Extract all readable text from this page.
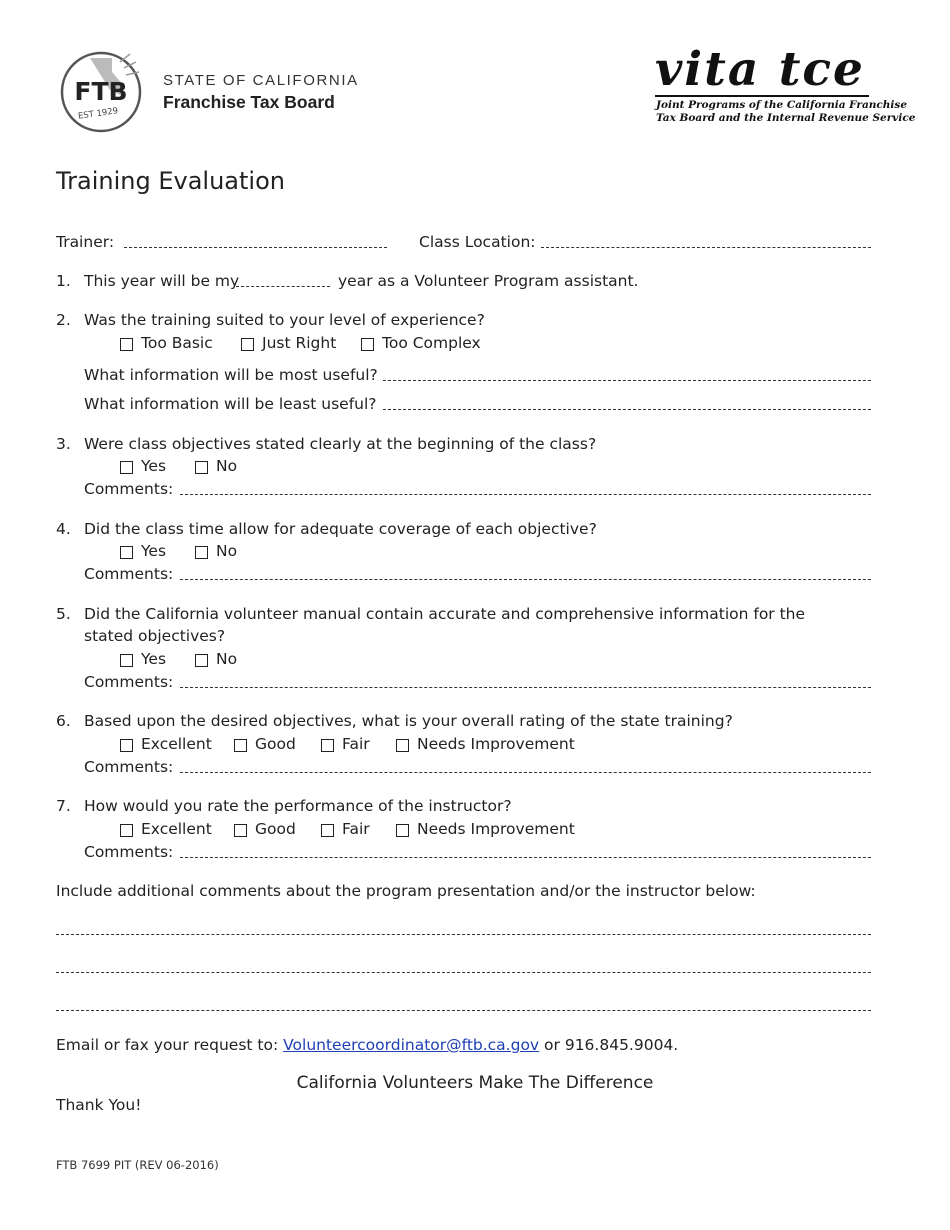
FTB
EST 1929
STATE OF CALIFORNIA
Franchise Tax Board
vita tce
Joint Programs of the California Franchise
Tax Board and the Internal Revenue Service
Training Evaluation
Trainer:	Class Location:
1. This year will be my	year as a Volunteer Program assistant.
2. Was the training suited to your level of experience?
Too Basic	Just Right	Too Complex
What information will be most useful?
What information will be least useful?
3. Were class objectives stated clearly at the beginning of the class?
Yes	No
Comments:
4. Did the class time allow for adequate coverage of each objective?
Yes	No
Comments:
5. Did the California volunteer manual contain accurate and comprehensive information for the
stated objectives?
Yes	No
Comments:
6. Based upon the desired objectives, what is your overall rating of the state training?
Excellent	Good	Fair	Needs Improvement
Comments:
7. How would you rate the performance of the instructor?
Excellent	Good	Fair	Needs Improvement
Comments:
Include additional comments about the program presentation and/or the instructor below:
Email or fax your request to: Volunteercoordinator@ftb.ca.gov or 916.845.9004.
California Volunteers Make The Difference
Thank You!
FTB 7699 PIT (REV 06-2016)
